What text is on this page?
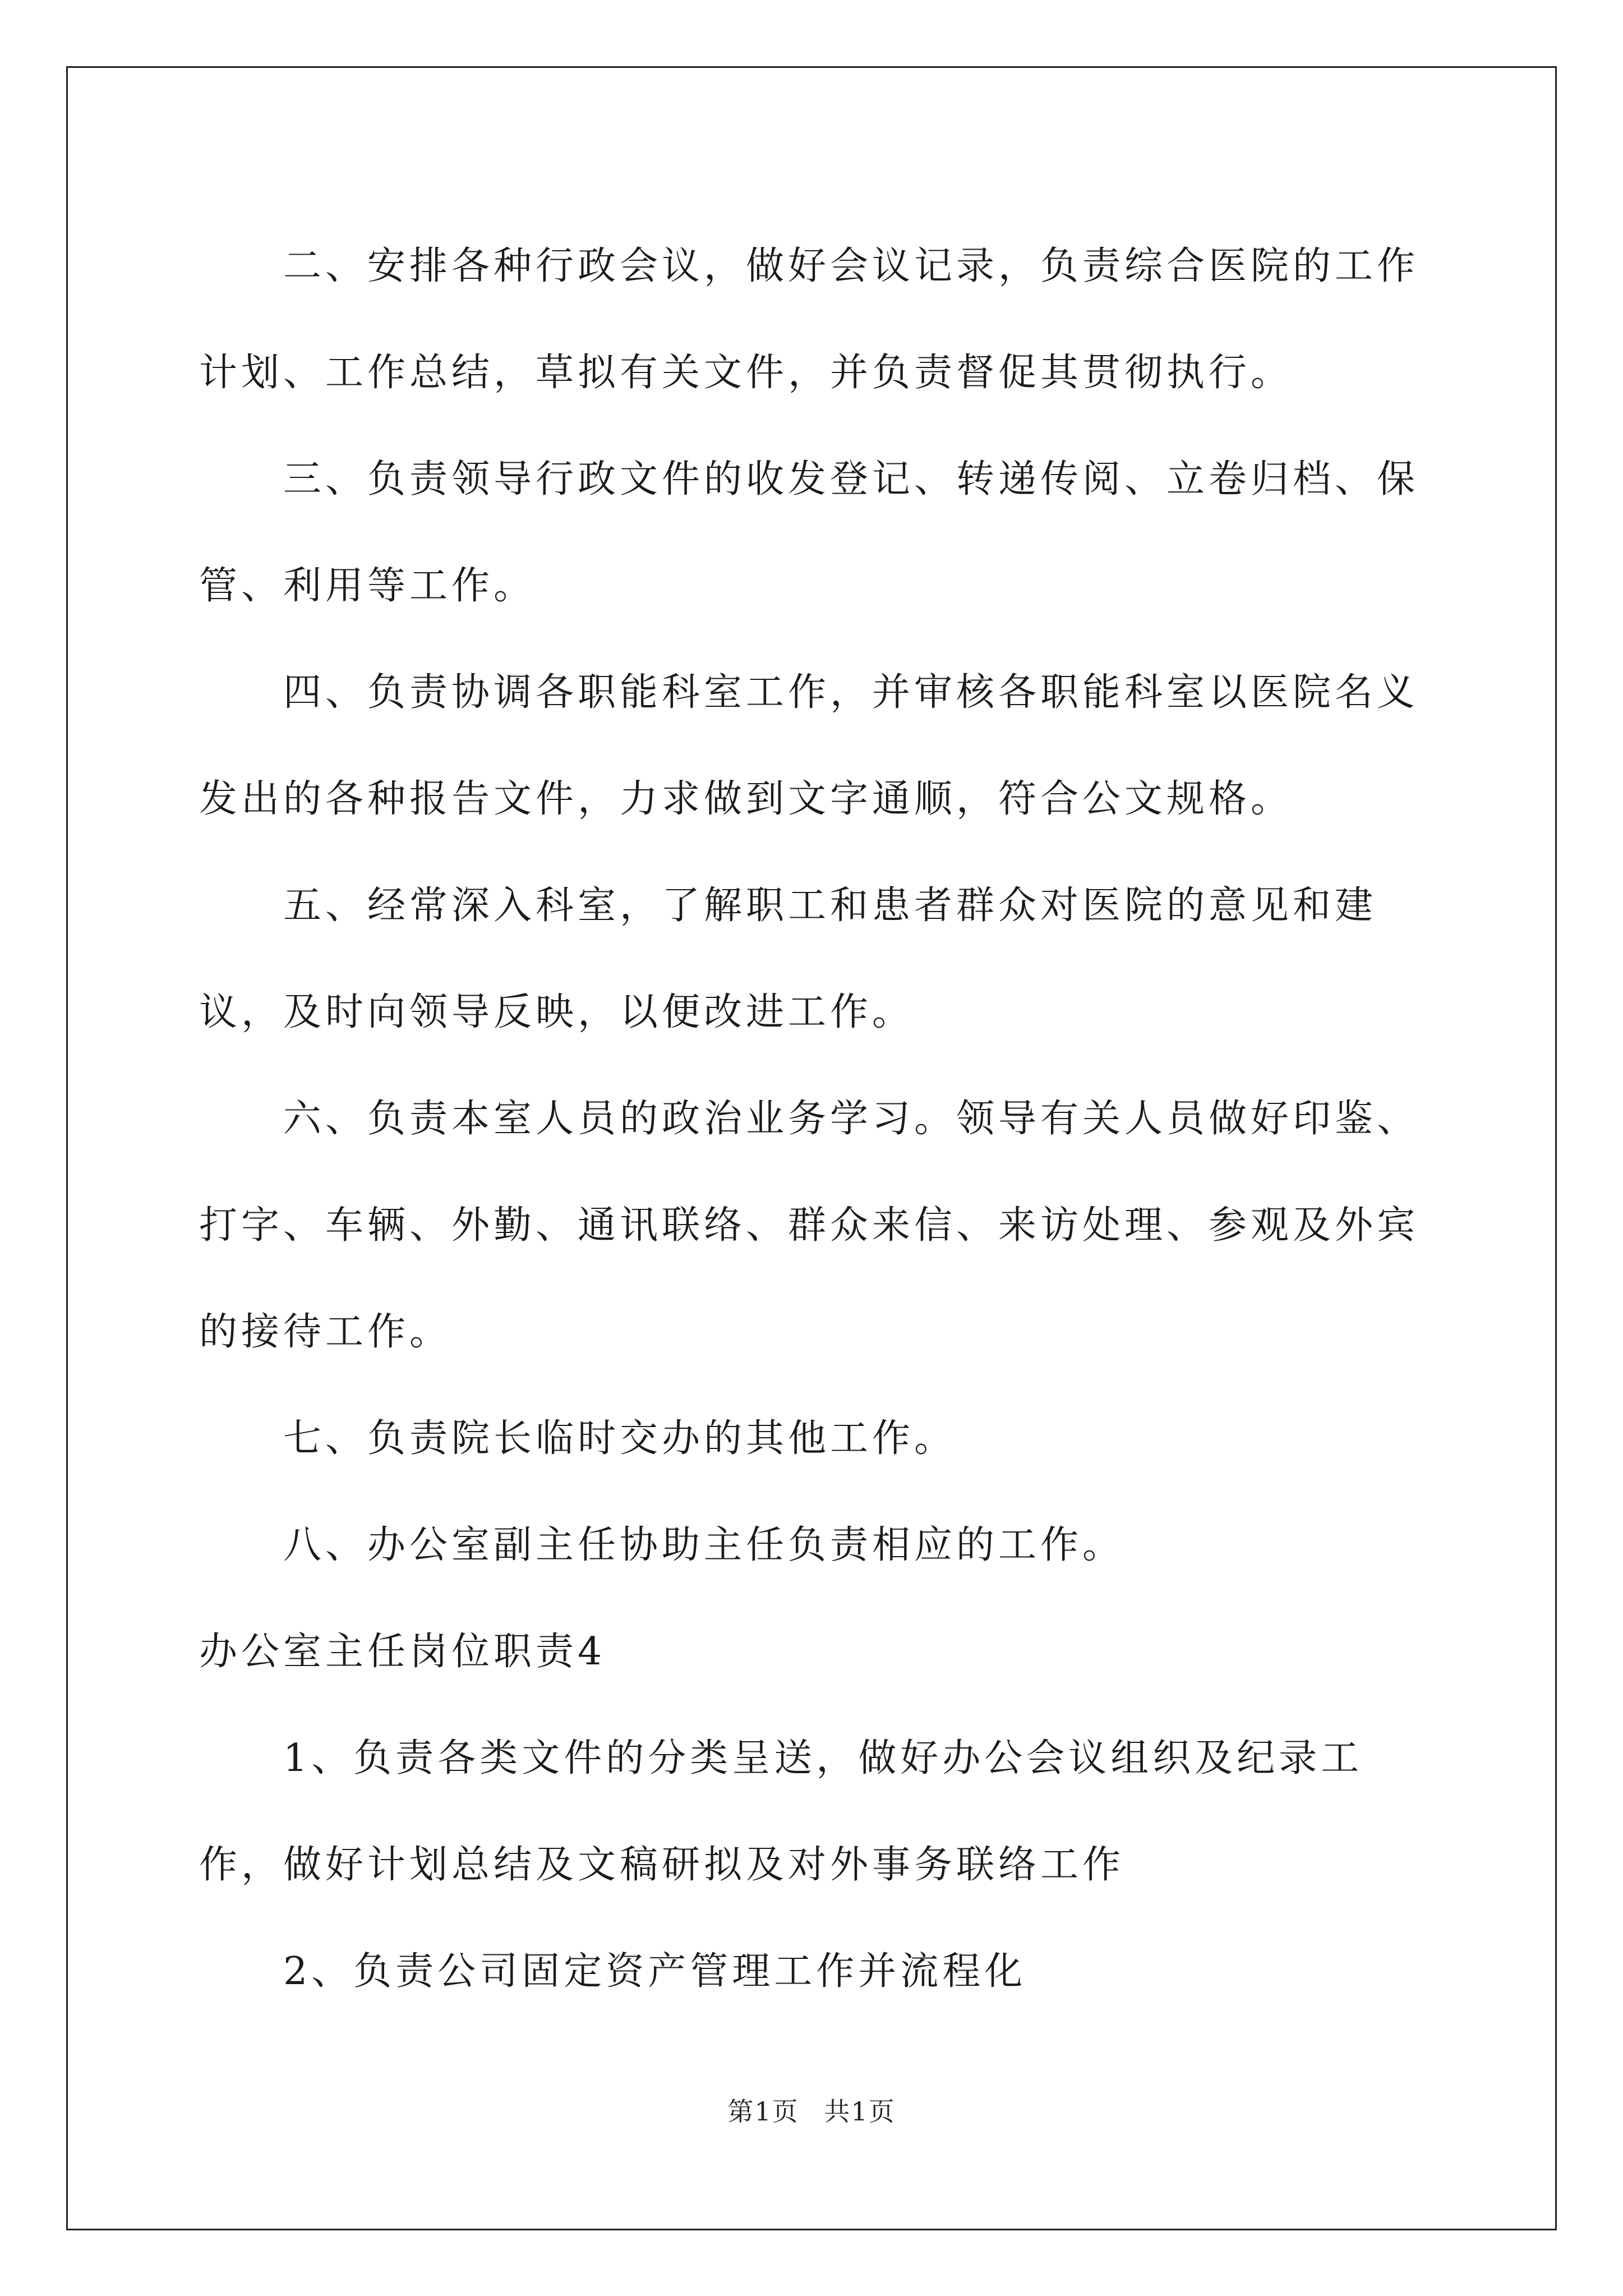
二、安排各种行政会议，做好会议记录，负责综合医院的工作计划、工作总结，草拟有关文件，并负责督促其贯彻执行。

三、负责领导行政文件的收发登记、转递传阅、立卷归档、保管、利用等工作。

四、负责协调各职能科室工作，并审核各职能科室以医院名义发出的各种报告文件，力求做到文字通顺，符合公文规格。

五、经常深入科室，了解职工和患者群众对医院的意见和建议，及时向领导反映，以便改进工作。

六、负责本室人员的政治业务学习。领导有关人员做好印鉴、打字、车辆、外勤、通讯联络、群众来信、来访处理、参观及外宾的接待工作。

七、负责院长临时交办的其他工作。

八、办公室副主任协助主任负责相应的工作。

办公室主任岗位职责4

1、负责各类文件的分类呈送，做好办公会议组织及纪录工作，做好计划总结及文稿研拟及对外事务联络工作

2、负责公司固定资产管理工作并流程化

第1页 共1页
